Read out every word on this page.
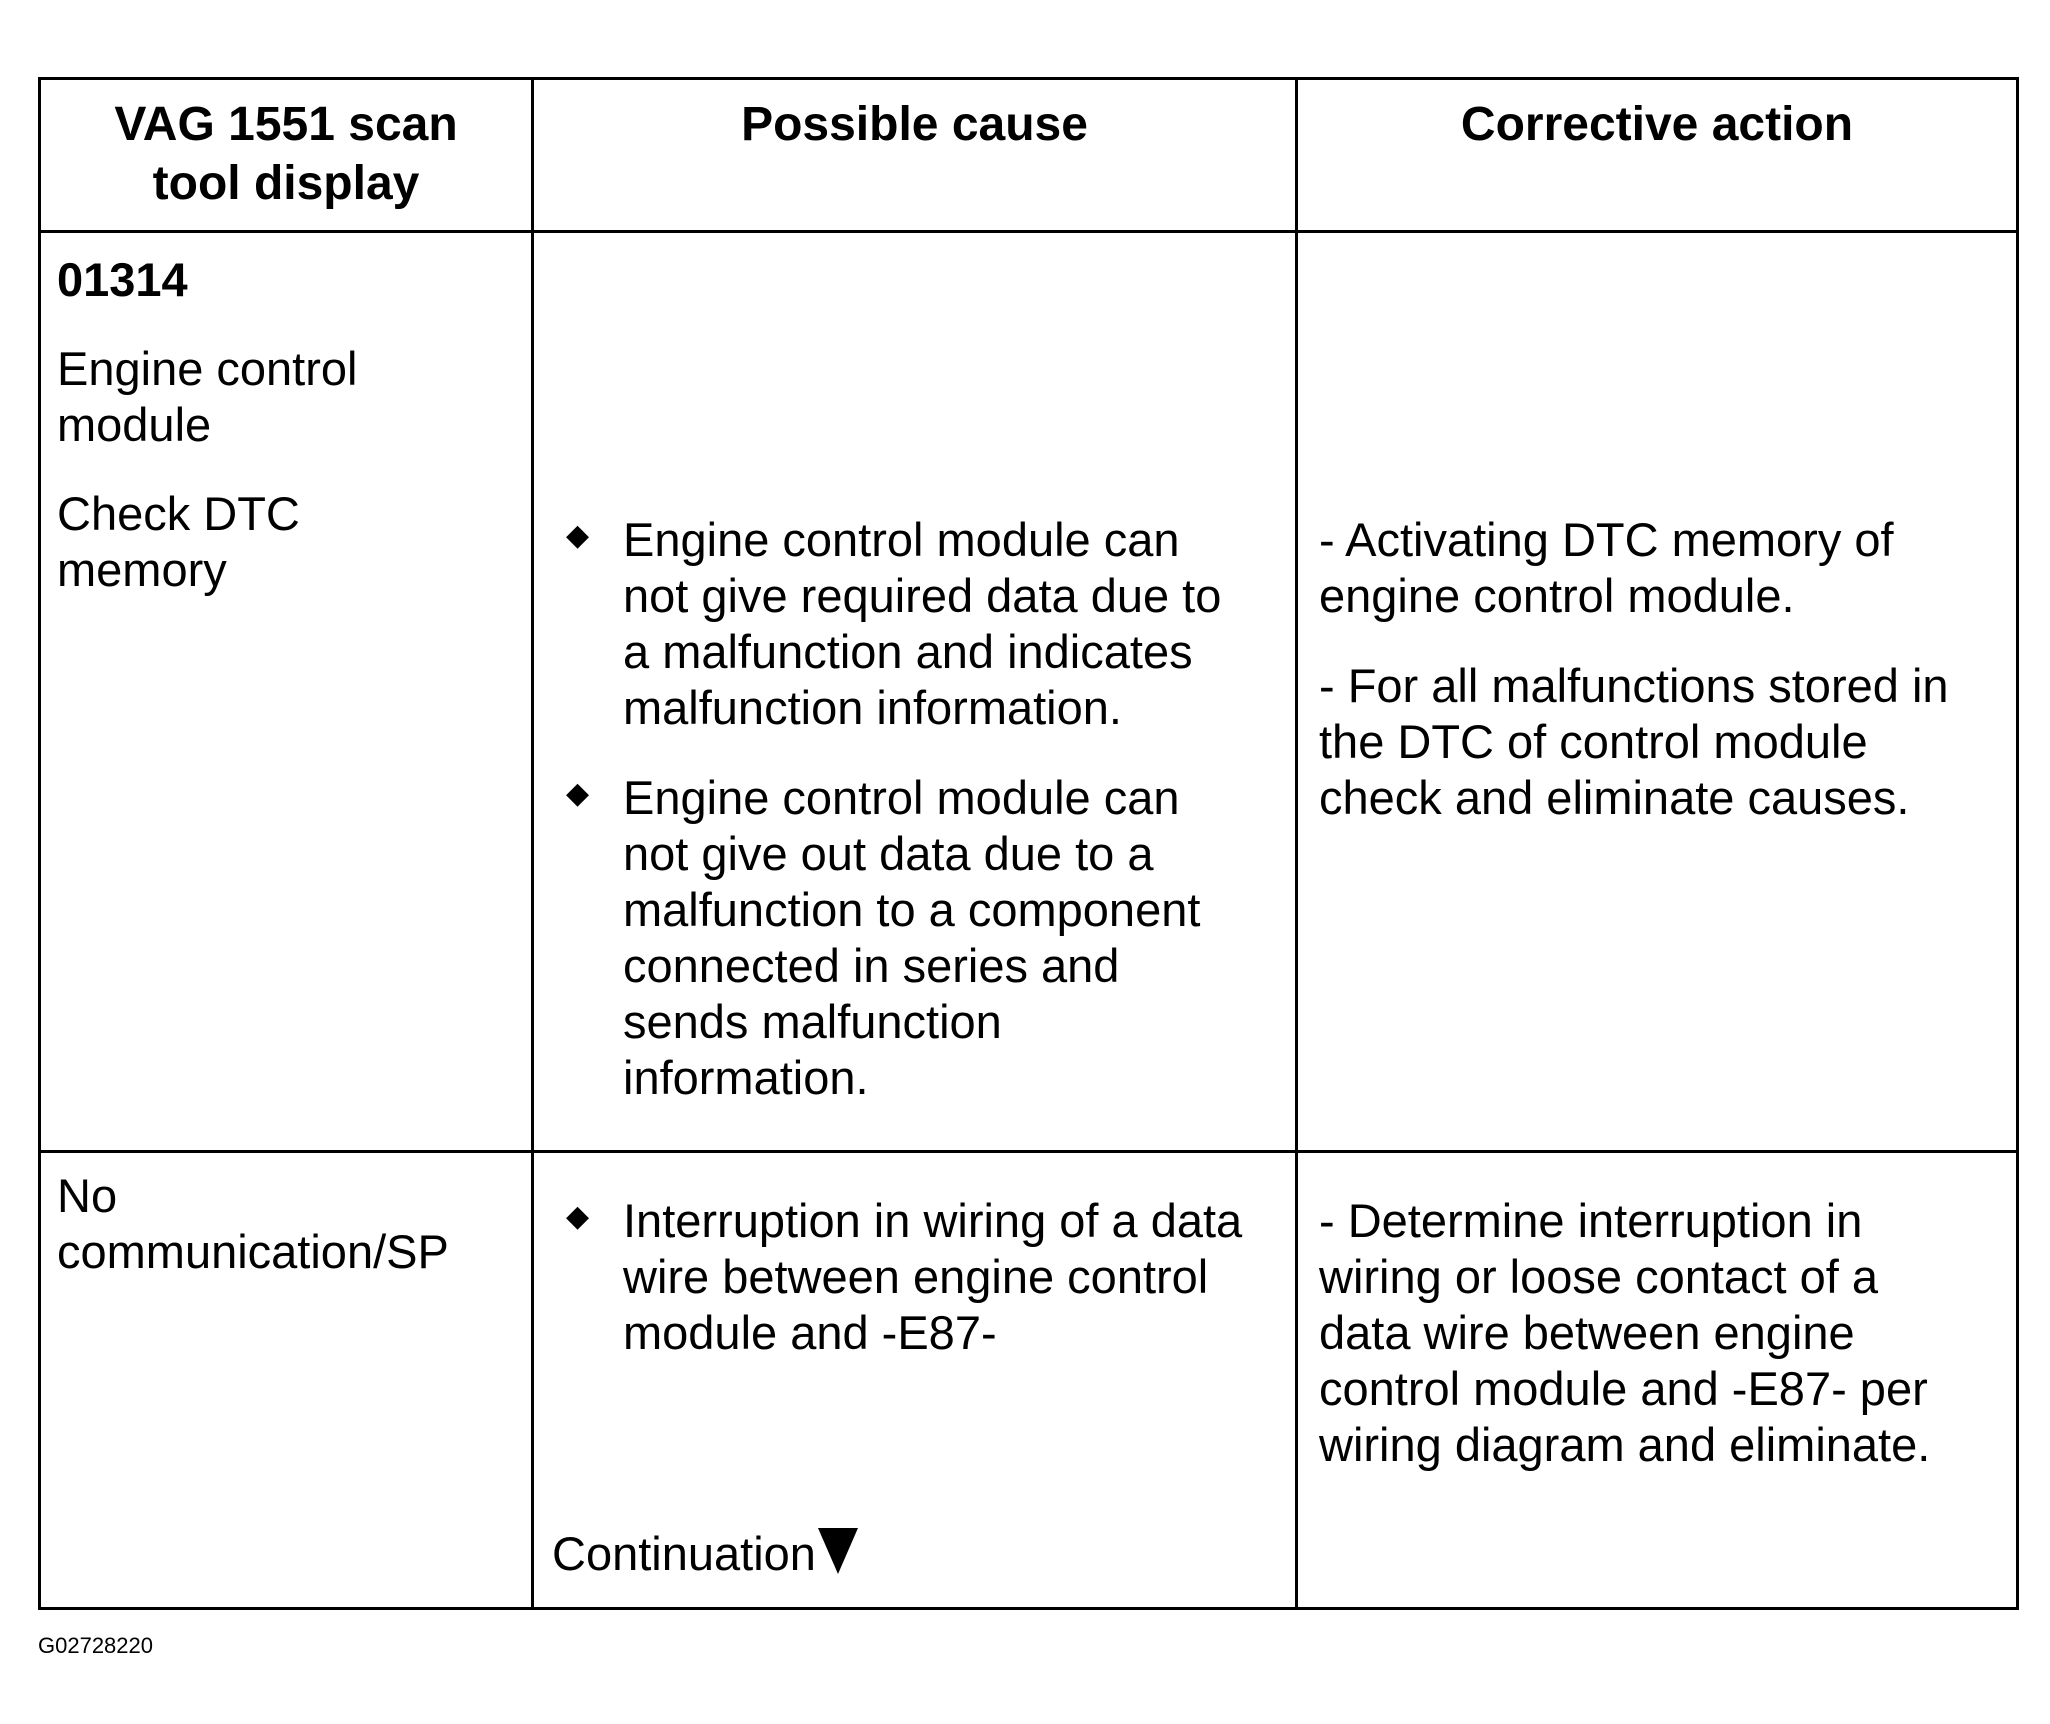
VAG 1551 scan

tool display

Possible cause	Corrective action

01314

Engine control

module

Check DTC

memory

◆ Engine control module can

not give required data due to

a malfunction and indicates

malfunction information.

◆ Engine control module can

not give out data due to a

malfunction to a component

connected in series and

sends malfunction

information.

- Activating DTC memory of

engine control module.

- For all malfunctions stored in

the DTC of control module

check and eliminate causes.

No

communication/SP

◆ Interruption in wiring of a data

wire between engine control

module and -E87-

- Determine interruption in

wiring or loose contact of a

data wire between engine

control module and -E87- per

wiring diagram and eliminate.

Continuation
G02728220
